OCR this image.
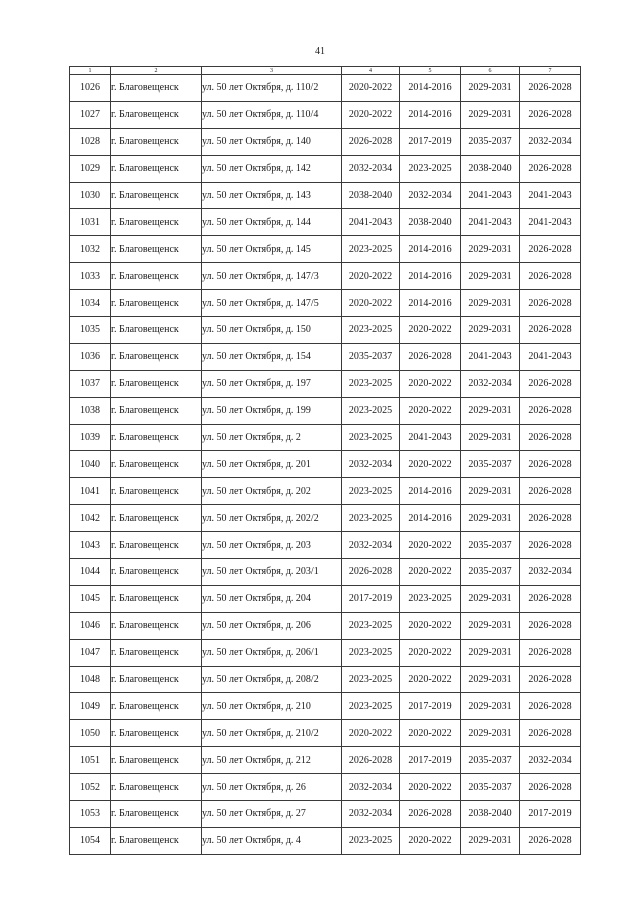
41
1	2	3	4	5	6	7
1026	г. Благовещенск	ул. 50 лет Октября, д. 110/2	2020-2022	2014-2016	2029-2031	2026-2028
1027	г. Благовещенск	ул. 50 лет Октября, д. 110/4	2020-2022	2014-2016	2029-2031	2026-2028
1028	г. Благовещенск	ул. 50 лет Октября, д. 140	2026-2028	2017-2019	2035-2037	2032-2034
1029	г. Благовещенск	ул. 50 лет Октября, д. 142	2032-2034	2023-2025	2038-2040	2026-2028
1030	г. Благовещенск	ул. 50 лет Октября, д. 143	2038-2040	2032-2034	2041-2043	2041-2043
1031	г. Благовещенск	ул. 50 лет Октября, д. 144	2041-2043	2038-2040	2041-2043	2041-2043
1032	г. Благовещенск	ул. 50 лет Октября, д. 145	2023-2025	2014-2016	2029-2031	2026-2028
1033	г. Благовещенск	ул. 50 лет Октября, д. 147/3	2020-2022	2014-2016	2029-2031	2026-2028
1034	г. Благовещенск	ул. 50 лет Октября, д. 147/5	2020-2022	2014-2016	2029-2031	2026-2028
1035	г. Благовещенск	ул. 50 лет Октября, д. 150	2023-2025	2020-2022	2029-2031	2026-2028
1036	г. Благовещенск	ул. 50 лет Октября, д. 154	2035-2037	2026-2028	2041-2043	2041-2043
1037	г. Благовещенск	ул. 50 лет Октября, д. 197	2023-2025	2020-2022	2032-2034	2026-2028
1038	г. Благовещенск	ул. 50 лет Октября, д. 199	2023-2025	2020-2022	2029-2031	2026-2028
1039	г. Благовещенск	ул. 50 лет Октября, д. 2	2023-2025	2041-2043	2029-2031	2026-2028
1040	г. Благовещенск	ул. 50 лет Октября, д. 201	2032-2034	2020-2022	2035-2037	2026-2028
1041	г. Благовещенск	ул. 50 лет Октября, д. 202	2023-2025	2014-2016	2029-2031	2026-2028
1042	г. Благовещенск	ул. 50 лет Октября, д. 202/2	2023-2025	2014-2016	2029-2031	2026-2028
1043	г. Благовещенск	ул. 50 лет Октября, д. 203	2032-2034	2020-2022	2035-2037	2026-2028
1044	г. Благовещенск	ул. 50 лет Октября, д. 203/1	2026-2028	2020-2022	2035-2037	2032-2034
1045	г. Благовещенск	ул. 50 лет Октября, д. 204	2017-2019	2023-2025	2029-2031	2026-2028
1046	г. Благовещенск	ул. 50 лет Октября, д. 206	2023-2025	2020-2022	2029-2031	2026-2028
1047	г. Благовещенск	ул. 50 лет Октября, д. 206/1	2023-2025	2020-2022	2029-2031	2026-2028
1048	г. Благовещенск	ул. 50 лет Октября, д. 208/2	2023-2025	2020-2022	2029-2031	2026-2028
1049	г. Благовещенск	ул. 50 лет Октября, д. 210	2023-2025	2017-2019	2029-2031	2026-2028
1050	г. Благовещенск	ул. 50 лет Октября, д. 210/2	2020-2022	2020-2022	2029-2031	2026-2028
1051	г. Благовещенск	ул. 50 лет Октября, д. 212	2026-2028	2017-2019	2035-2037	2032-2034
1052	г. Благовещенск	ул. 50 лет Октября, д. 26	2032-2034	2020-2022	2035-2037	2026-2028
1053	г. Благовещенск	ул. 50 лет Октября, д. 27	2032-2034	2026-2028	2038-2040	2017-2019
1054	г. Благовещенск	ул. 50 лет Октября, д. 4	2023-2025	2020-2022	2029-2031	2026-2028
